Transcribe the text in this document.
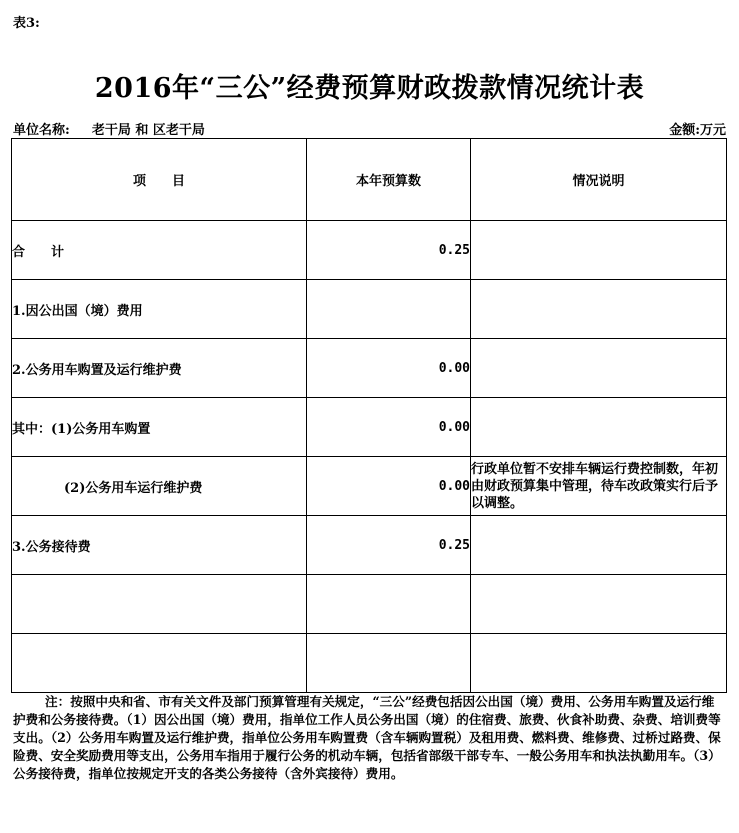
表3:
2016年“三公”经费预算财政拨款情况统计表
单位名称: 老干局 和 区老干局	金额:万元
项　　目	本年预算数	情况说明
合　　计	0.25	
1.因公出国（境）费用		
2.公务用车购置及运行维护费	0.00	
其中：(1)公务用车购置	0.00	
(2)公务用车运行维护费	0.00	行政单位暂不安排车辆运行费控制数，年初由财政预算集中管理，待车改政策实行后予以调整。
3.公务接待费	0.25	

注：按照中央和省、市有关文件及部门预算管理有关规定，“三公”经费包括因公出国（境）费用、公务用车购置及运行维护费和公务接待费。（1）因公出国（境）费用，指单位工作人员公务出国（境）的住宿费、旅费、伙食补助费、杂费、培训费等支出。（2）公务用车购置及运行维护费，指单位公务用车购置费（含车辆购置税）及租用费、燃料费、维修费、过桥过路费、保险费、安全奖励费用等支出，公务用车指用于履行公务的机动车辆，包括省部级干部专车、一般公务用车和执法执勤用车。（3）公务接待费，指单位按规定开支的各类公务接待（含外宾接待）费用。
